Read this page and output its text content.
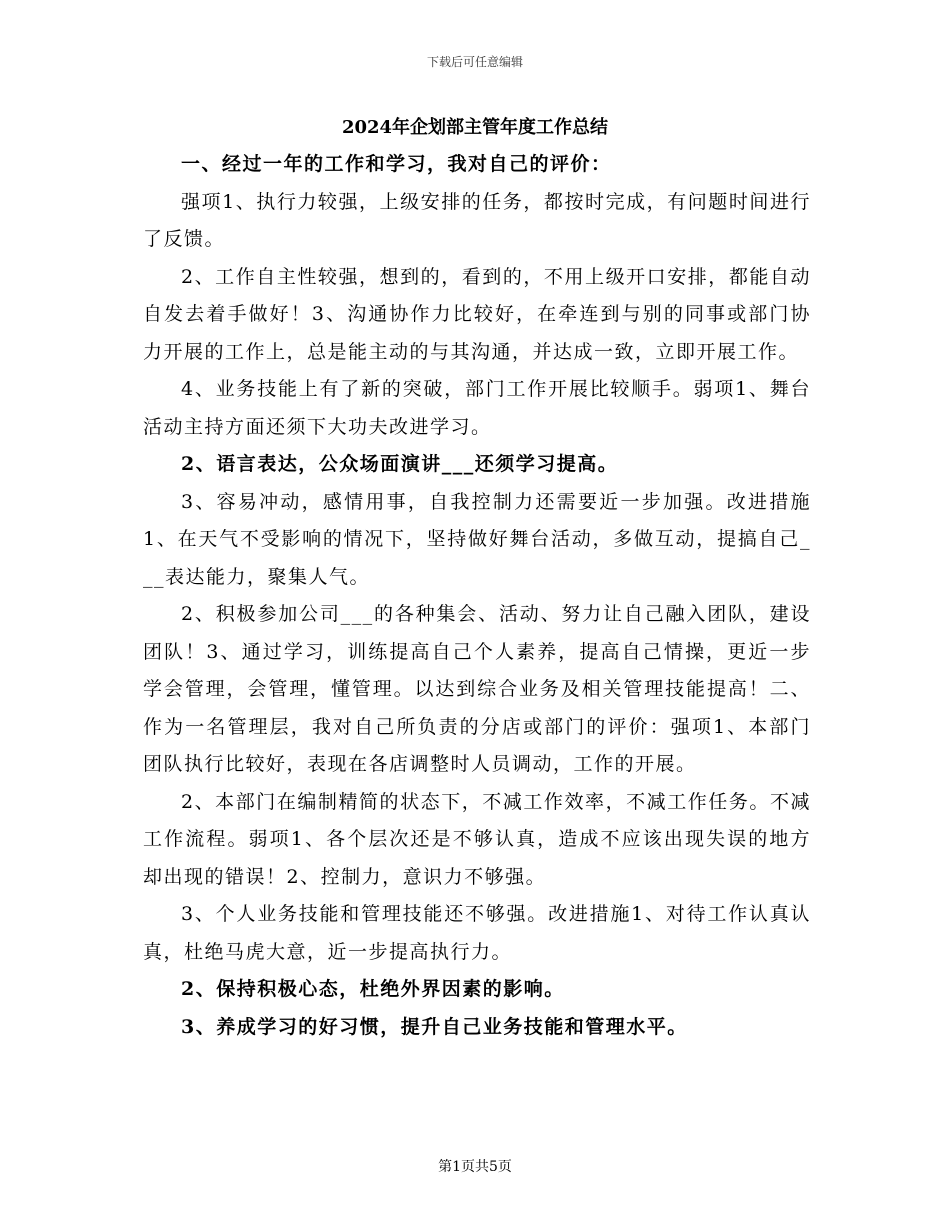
下载后可任意编辑
2024年企划部主管年度工作总结

一、经过一年的工作和学习，我对自己的评价：

强项1、执行力较强，上级安排的任务，都按时完成，有问题时间进行了反馈。

2、工作自主性较强，想到的，看到的，不用上级开口安排，都能自动自发去着手做好！3、沟通协作力比较好，在牵连到与别的同事或部门协力开展的工作上，总是能主动的与其沟通，并达成一致，立即开展工作。

4、业务技能上有了新的突破，部门工作开展比较顺手。弱项1、舞台活动主持方面还须下大功夫改进学习。

2、语言表达，公众场面演讲___还须学习提高。

3、容易冲动，感情用事，自我控制力还需要近一步加强。改进措施1、在天气不受影响的情况下，坚持做好舞台活动，多做互动，提搞自己___表达能力，聚集人气。

2、积极参加公司___的各种集会、活动、努力让自己融入团队，建设团队！3、通过学习，训练提高自己个人素养，提高自己情操，更近一步学会管理，会管理，懂管理。以达到综合业务及相关管理技能提高！二、作为一名管理层，我对自己所负责的分店或部门的评价：强项1、本部门团队执行比较好，表现在各店调整时人员调动，工作的开展。

2、本部门在编制精简的状态下，不减工作效率，不减工作任务。不减工作流程。弱项1、各个层次还是不够认真，造成不应该出现失误的地方却出现的错误！2、控制力，意识力不够强。

3、个人业务技能和管理技能还不够强。改进措施1、对待工作认真认真，杜绝马虎大意，近一步提高执行力。

2、保持积极心态，杜绝外界因素的影响。

3、养成学习的好习惯，提升自己业务技能和管理水平。

第1页共5页
